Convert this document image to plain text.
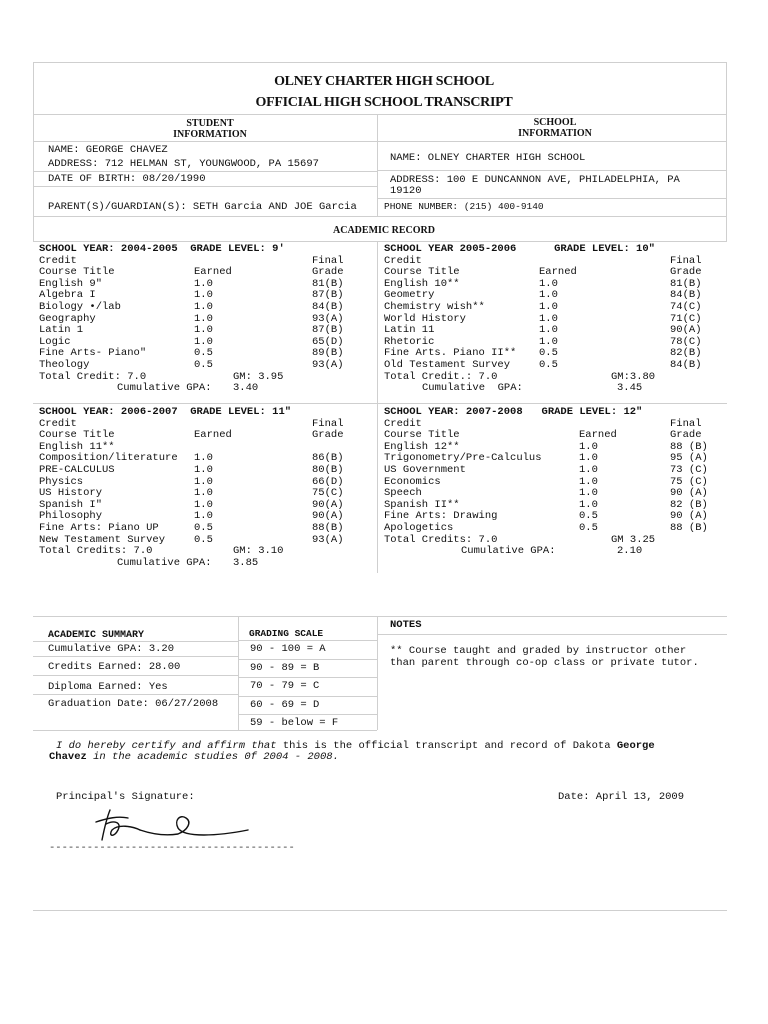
OLNEY CHARTER HIGH SCHOOL
OFFICIAL HIGH SCHOOL TRANSCRIPT
STUDENT
INFORMATION
SCHOOL
INFORMATION
NAME: GEORGE CHAVEZ
ADDRESS: 712 HELMAN ST, YOUNGWOOD, PA 15697
DATE OF BIRTH: 08/20/1990
PARENT(S)/GUARDIAN(S): SETH Garcia AND JOE Garcia
NAME: OLNEY CHARTER HIGH SCHOOL
ADDRESS: 100 E DUNCANNON AVE, PHILADELPHIA, PA
19120
PHONE NUMBER: (215) 400-9140
ACADEMIC RECORD
SCHOOL YEAR: 2004-2005  GRADE LEVEL: 9'
Credit	Final
Course Title	Earned	Grade
English 9"	1.0	81(B)
Algebra I	1.0	87(B)
Biology •/lab	1.0	84(B)
Geography	1.0	93(A)
Latin 1	1.0	87(B)
Logic	1.0	65(D)
Fine Arts- Piano"	0.5	89(B)
Theology	0.5	93(A)
Total Credit: 7.0	GM: 3.95
Cumulative GPA: 3.40
SCHOOL YEAR 2005-2006      GRADE LEVEL: 10"
Credit	Final
Course Title	Earned	Grade
English 10**	1.0	81(B)
Geometry	1.0	84(B)
Chemistry wish**	1.0	74(C)
World History	1.0	71(C)
Latin 11	1.0	90(A)
Rhetoric	1.0	78(C)
Fine Arts. Piano II** 0.5	82(B)
Old Testament Survey	0.5	84(B)
Total Credit.: 7.0	GM:3.80
Cumulative  GPA:	3.45
SCHOOL YEAR: 2006-2007  GRADE LEVEL: 11"
Credit	Final
Course Title	Earned	Grade
English 11**
Composition/literature 1.0	86(B)
PRE-CALCULUS	1.0	80(B)
Physics	1.0	66(D)
US History	1.0	75(C)
Spanish I"	1.0	90(A)
Philosophy	1.0	90(A)
Fine Arts: Piano UP	0.5	88(B)
New Testament Survey	0.5	93(A)
Total Credits: 7.0	GM: 3.10
Cumulative GPA: 3.85
SCHOOL YEAR: 2007-2008   GRADE LEVEL: 12"
Credit	Final
Course Title	Earned	Grade
English 12**	1.0	88 (B)
Trigonometry/Pre-Calculus	1.0	95 (A)
US Government	1.0	73 (C)
Economics	1.0	75 (C)
Speech	1.0	90 (A)
Spanish II**	1.0	82 (B)
Fine Arts: Drawing	0.5	90 (A)
Apologetics	0.5	88 (B)
Total Credits: 7.0	GM 3.25
Cumulative GPA:	2.10
ACADEMIC SUMMARY
Cumulative GPA: 3.20
Credits Earned: 28.00
Diploma Earned: Yes
Graduation Date: 06/27/2008
GRADING SCALE
90 - 100 = A
90 - 89 = B
70 - 79 = C
60 - 69 = D
59 - below = F
NOTES
** Course taught and graded by instructor other
than parent through co-op class or private tutor.
I do hereby certify and affirm that this is the official transcript and record of Dakota George
Chavez in the academic studies 0f 2004 - 2008.
Principal's Signature:	Date: April 13, 2009
---------------------------------------
